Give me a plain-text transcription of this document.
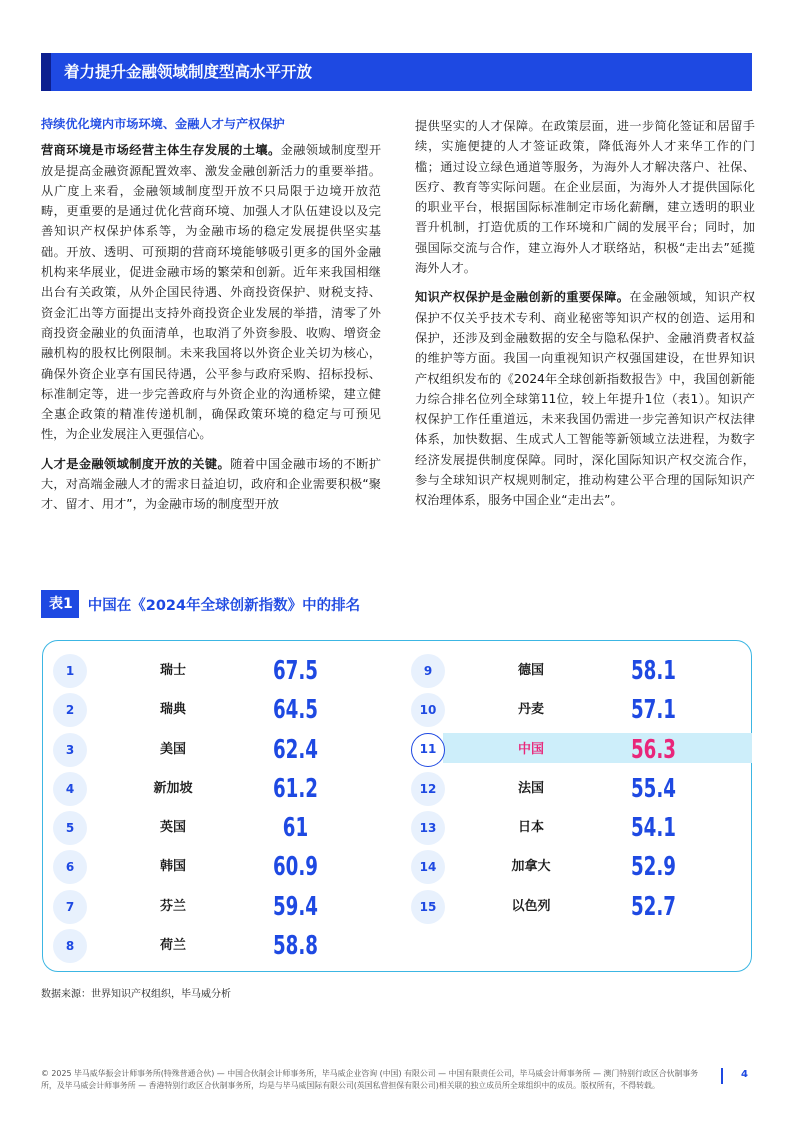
着力提升金融领域制度型高水平开放

持续优化境内市场环境、金融人才与产权保护

营商环境是市场经营主体生存发展的土壤。金融领域制度型开放是提高金融资源配置效率、激发金融创新活力的重要举措。从广度上来看，金融领域制度型开放不只局限于边境开放范畴，更重要的是通过优化营商环境、加强人才队伍建设以及完善知识产权保护体系等，为金融市场的稳定发展提供坚实基础。开放、透明、可预期的营商环境能够吸引更多的国外金融机构来华展业，促进金融市场的繁荣和创新。近年来我国相继出台有关政策，从外企国民待遇、外商投资保护、财税支持、资金汇出等方面提出支持外商投资企业发展的举措，清零了外商投资金融业的负面清单，也取消了外资参股、收购、增资金融机构的股权比例限制。未来我国将以外资企业关切为核心，确保外资企业享有国民待遇，公平参与政府采购、招标投标、标准制定等，进一步完善政府与外资企业的沟通桥梁，建立健全惠企政策的精准传递机制，确保政策环境的稳定与可预见性，为企业发展注入更强信心。

人才是金融领域制度开放的关键。随着中国金融市场的不断扩大，对高端金融人才的需求日益迫切，政府和企业需要积极“聚才、留才、用才”，为金融市场的制度型开放

提供坚实的人才保障。在政策层面，进一步简化签证和居留手续，实施便捷的人才签证政策，降低海外人才来华工作的门槛；通过设立绿色通道等服务，为海外人才解决落户、社保、医疗、教育等实际问题。在企业层面，为海外人才提供国际化的职业平台，根据国际标准制定市场化薪酬，建立透明的职业晋升机制，打造优质的工作环境和广阔的发展平台；同时，加强国际交流与合作，建立海外人才联络站，积极“走出去”延揽海外人才。

知识产权保护是金融创新的重要保障。在金融领域，知识产权保护不仅关乎技术专利、商业秘密等知识产权的创造、运用和保护，还涉及到金融数据的安全与隐私保护、金融消费者权益的维护等方面。我国一向重视知识产权强国建设，在世界知识产权组织发布的《2024年全球创新指数报告》中，我国创新能力综合排名位列全球第11位，较上年提升1位（表1）。知识产权保护工作任重道远，未来我国仍需进一步完善知识产权法律体系，加快数据、生成式人工智能等新领域立法进程，为数字经济发展提供制度保障。同时，深化国际知识产权交流合作，参与全球知识产权规则制定，推动构建公平合理的国际知识产权治理体系，服务中国企业“走出去”。

表1	中国在《2024年全球创新指数》中的排名
1	瑞士	67.5
2	瑞典	64.5
3	美国	62.4
4	新加坡	61.2
5	英国	61
6	韩国	60.9
7	芬兰	59.4
8	荷兰	58.8
9	德国	58.1
10	丹麦	57.1
11	中国	56.3
12	法国	55.4
13	日本	54.1
14	加拿大	52.9
15	以色列	52.7
数据来源：世界知识产权组织，毕马威分析
© 2025 毕马威华振会计师事务所(特殊普通合伙) — 中国合伙制会计师事务所，毕马威企业咨询 (中国) 有限公司 — 中国有限责任公司，毕马威会计师事务所 — 澳门特别行政区合伙制事务所，及毕马威会计师事务所 — 香港特别行政区合伙制事务所，均是与毕马威国际有限公司(英国私营担保有限公司)相关联的独立成员所全球组织中的成员。版权所有，不得转载。
4
